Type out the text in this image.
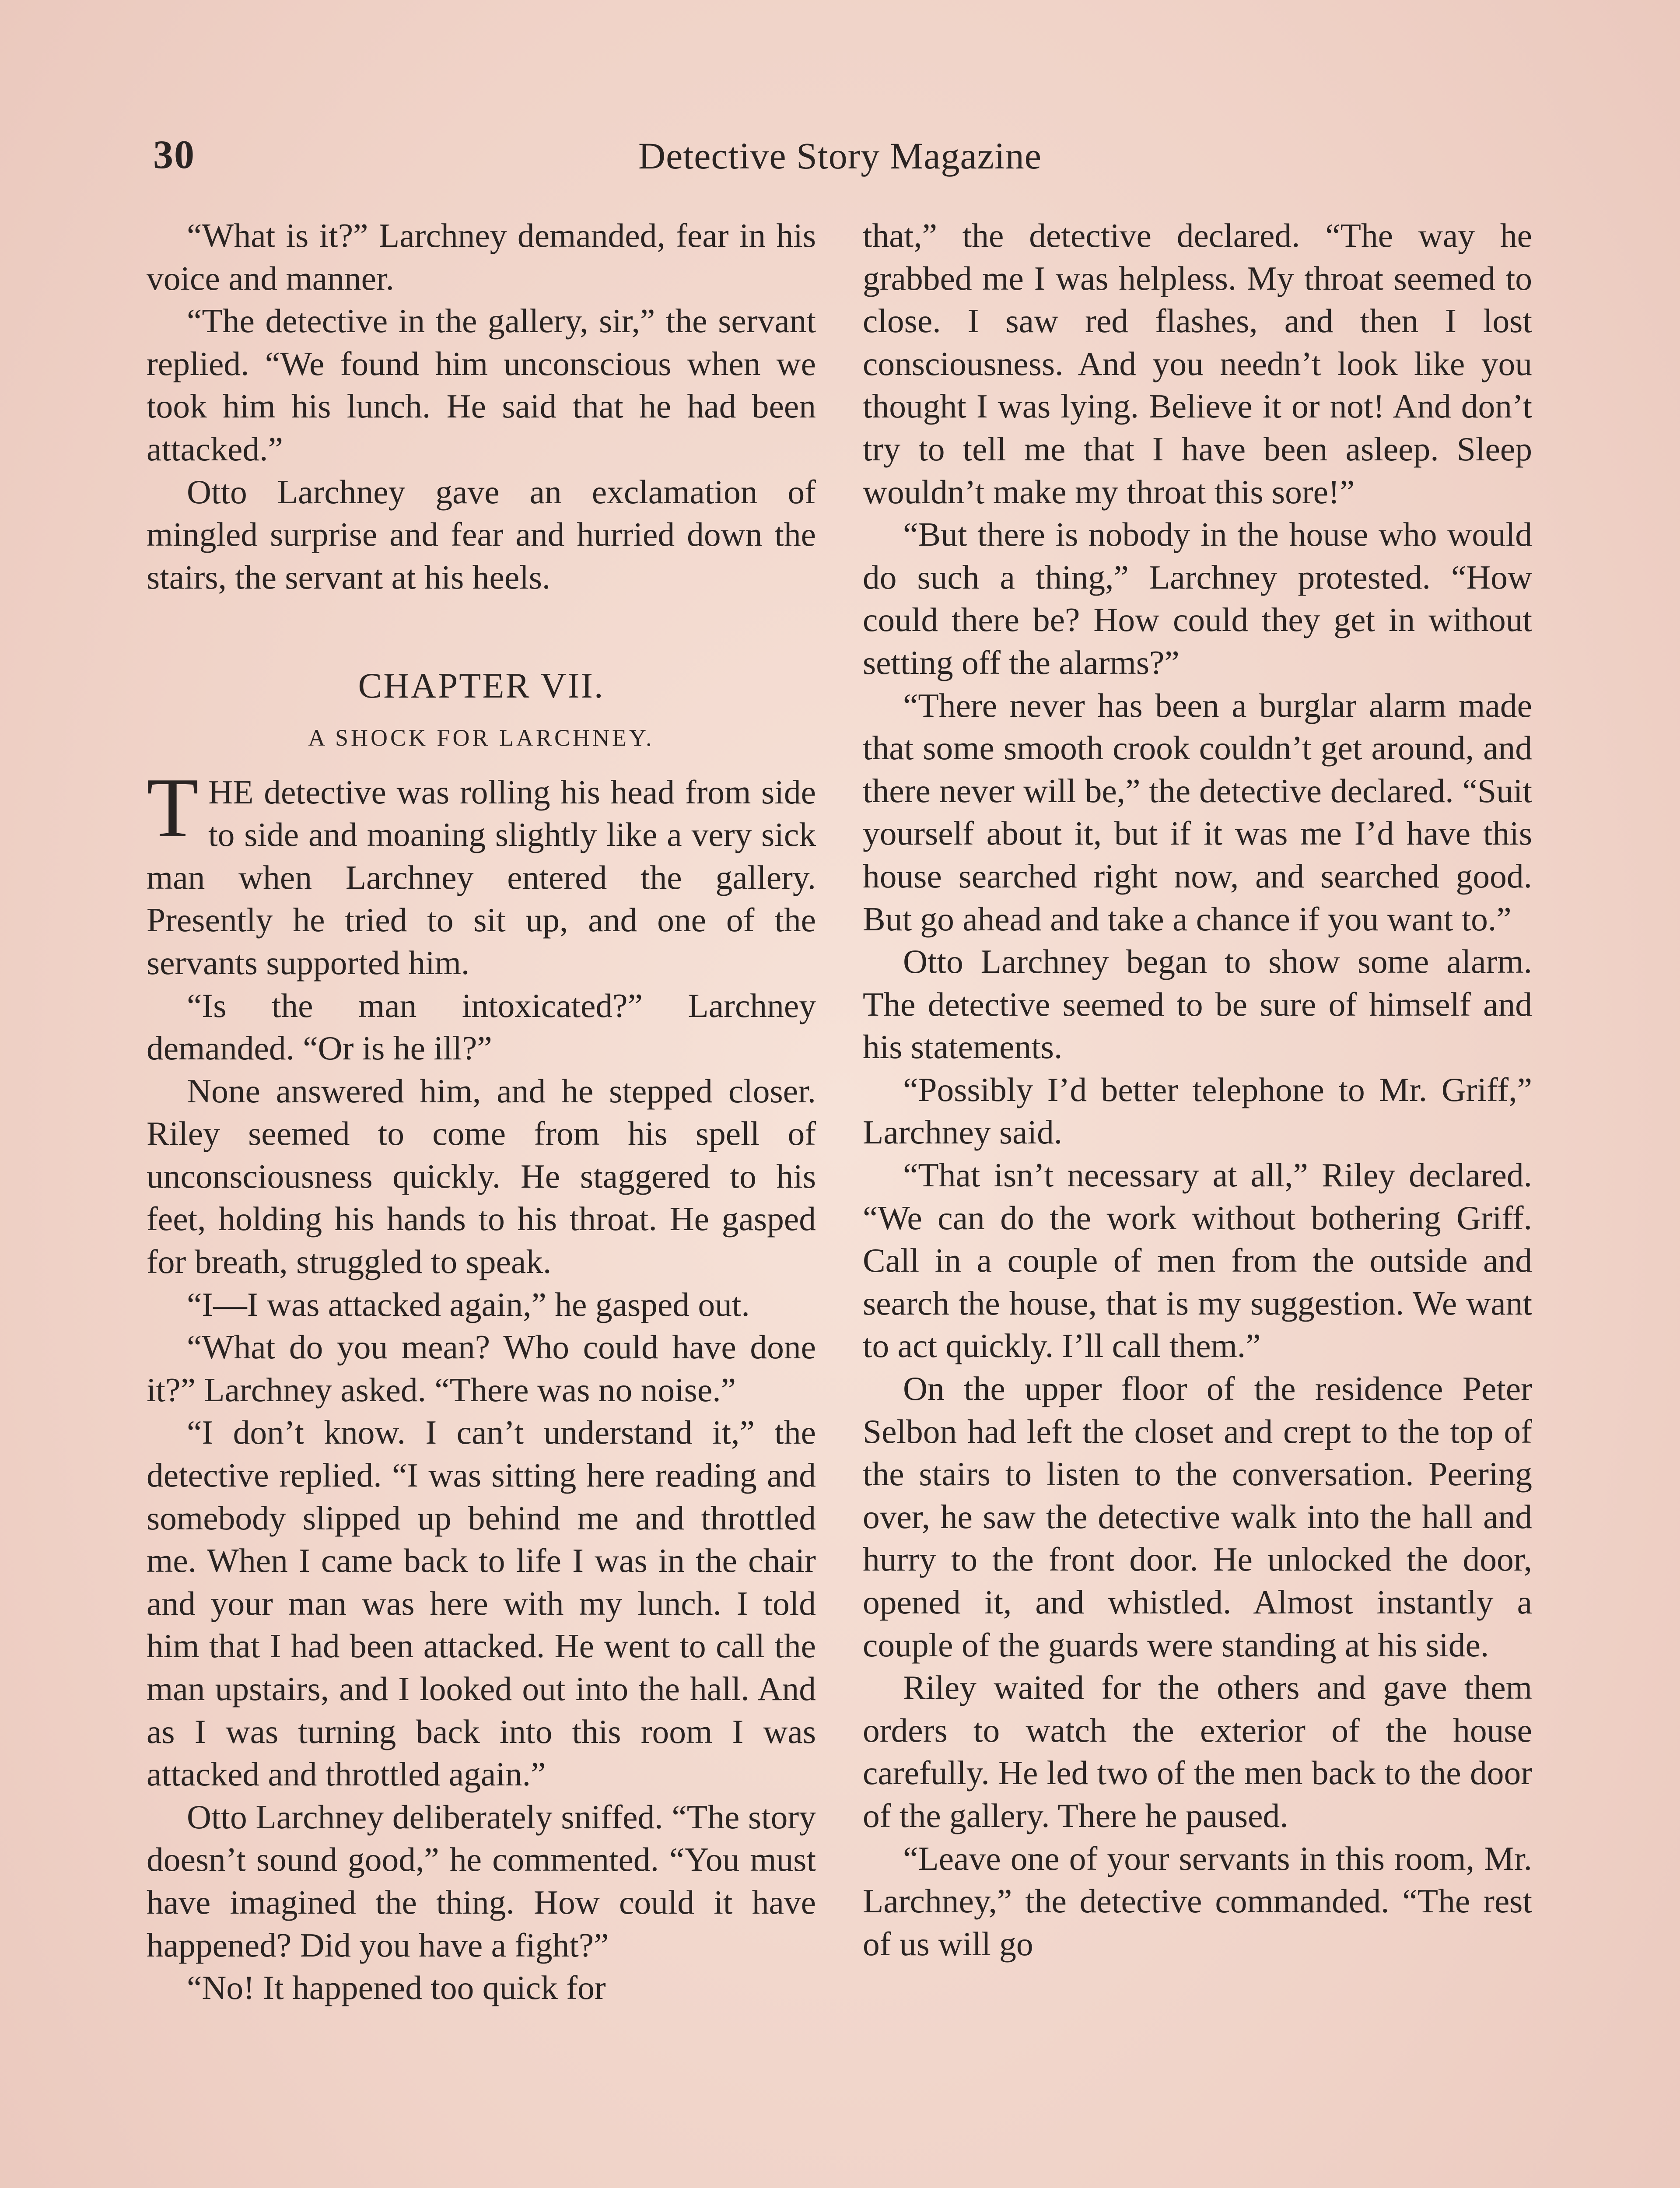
30	Detective Story Magazine

“What is it?” Larchney demanded, fear in his voice and manner.

“The detective in the gallery, sir,” the servant replied. “We found him unconscious when we took him his lunch. He said that he had been attacked.”

Otto Larchney gave an exclamation of mingled surprise and fear and hurried down the stairs, the servant at his heels.

CHAPTER VII.
A SHOCK FOR LARCHNEY.

THE detective was rolling his head from side to side and moaning slightly like a very sick man when Larchney entered the gallery. Presently he tried to sit up, and one of the servants supported him.

“Is the man intoxicated?” Larchney demanded. “Or is he ill?”

None answered him, and he stepped closer. Riley seemed to come from his spell of unconsciousness quickly. He staggered to his feet, holding his hands to his throat. He gasped for breath, struggled to speak.

“I—I was attacked again,” he gasped out.

“What do you mean? Who could have done it?” Larchney asked. “There was no noise.”

“I don’t know. I can’t understand it,” the detective replied. “I was sitting here reading and somebody slipped up behind me and throttled me. When I came back to life I was in the chair and your man was here with my lunch. I told him that I had been attacked. He went to call the man upstairs, and I looked out into the hall. And as I was turning back into this room I was attacked and throttled again.”

Otto Larchney deliberately sniffed. “The story doesn’t sound good,” he commented. “You must have imagined the thing. How could it have happened? Did you have a fight?”

“No! It happened too quick for

that,” the detective declared. “The way he grabbed me I was helpless. My throat seemed to close. I saw red flashes, and then I lost consciousness. And you needn’t look like you thought I was lying. Believe it or not! And don’t try to tell me that I have been asleep. Sleep wouldn’t make my throat this sore!”

“But there is nobody in the house who would do such a thing,” Larchney protested. “How could there be? How could they get in without setting off the alarms?”

“There never has been a burglar alarm made that some smooth crook couldn’t get around, and there never will be,” the detective declared. “Suit yourself about it, but if it was me I’d have this house searched right now, and searched good. But go ahead and take a chance if you want to.”

Otto Larchney began to show some alarm. The detective seemed to be sure of himself and his statements.

“Possibly I’d better telephone to Mr. Griff,” Larchney said.

“That isn’t necessary at all,” Riley declared. “We can do the work without bothering Griff. Call in a couple of men from the outside and search the house, that is my suggestion. We want to act quickly. I’ll call them.”

On the upper floor of the residence Peter Selbon had left the closet and crept to the top of the stairs to listen to the conversation. Peering over, he saw the detective walk into the hall and hurry to the front door. He unlocked the door, opened it, and whistled. Almost instantly a couple of the guards were standing at his side.

Riley waited for the others and gave them orders to watch the exterior of the house carefully. He led two of the men back to the door of the gallery. There he paused.

“Leave one of your servants in this room, Mr. Larchney,” the detective commanded. “The rest of us will go
